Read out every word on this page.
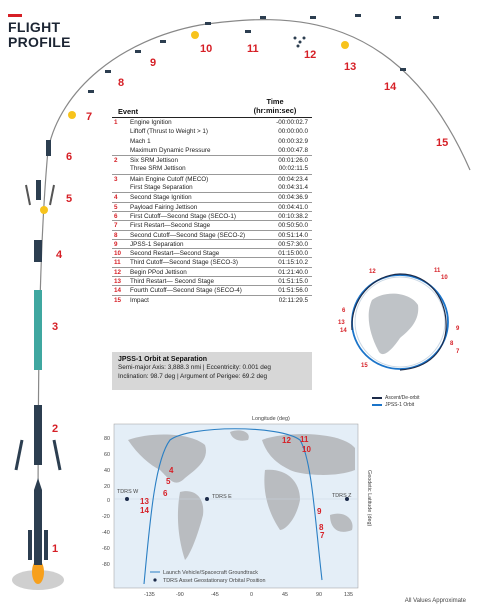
FLIGHT
PROFILE
1
2
3
4
5
6
7
8
9
10	11	12
13
14
15
12	11
10
6
13
14
15
9
8
7
Ascent/De-orbit
JPSS-1 Orbit
Event
Time
(hr:min:sec)
1	Engine Ignition	-00:00:02.7
Liftoff (Thrust to Weight > 1)	00:00:00.0
Mach 1	00:00:32.9
Maximum Dynamic Pressure	00:00:47.8
2	Six SRM Jettison	00:01:26.0
Three SRM Jettison	00:02:11.5
3	Main Engine Cutoff (MECO)	00:04:23.4
First Stage Separation	00:04:31.4
4	Second Stage Ignition	00:04:36.9
5	Payload Fairing Jettison	00:04:41.0
6	First Cutoff—Second Stage (SECO-1)	00:10:38.2
7	First Restart—Second Stage	00:50:50.0
8	Second Cutoff—Second Stage (SECO-2)	00:51:14.0
9	JPSS-1 Separation	00:57:30.0
10	Second Restart—Second Stage	01:15:00.0
11	Third Cutoff—Second Stage (SECO-3)	01:15:10.2
12	Begin PPod Jettison	01:21:40.0
13	Third Restart— Second Stage	01:51:15.0
14	Fourth Cutoff—Second Stage (SECO-4)	01:51:56.0
15	Impact	02:11:29.5
JPSS-1 Orbit at Separation
Semi-major Axis: 3,888.3 nmi | Eccentricity: 0.001 deg
Inclination: 98.7 deg | Argument of Perigee: 69.2 deg
Longitude (deg)
TDRS W
TDRS E	TDRS Z
12 11
10
4
5
6
13
14	9
8
7
80
60
40
20
0
-20
-40
-60
-80
-135	-90	-45	0	45	90	135
Geodetic Latitude (deg)
Launch Vehicle/Spacecraft Groundtrack
TDRS Asset Geostationary Orbital Position
All Values Approximate
